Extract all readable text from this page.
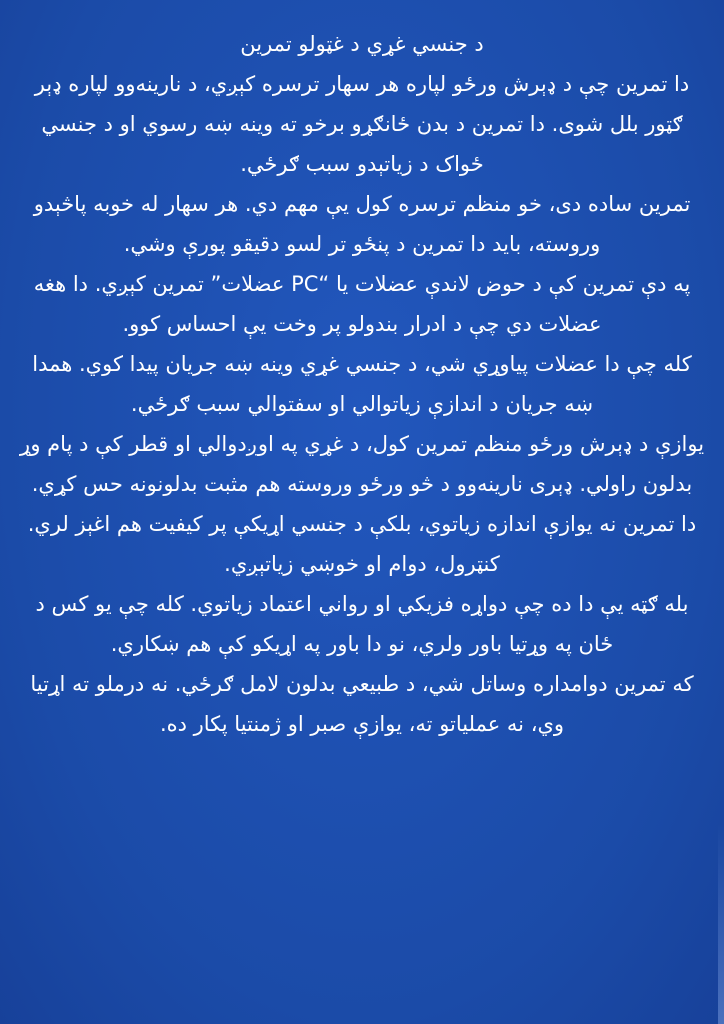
د جنسي غړي د غټولو تمرين

دا تمرين چې د ډېرش ورځو لپاره هر سهار ترسره کېږي، د نارينه‌وو لپاره ډېر ګټور بلل شوی. دا تمرين د بدن ځانګړو برخو ته وينه ښه رسوي او د جنسي ځواک د زياتېدو سبب ګرځي.

تمرين ساده دی، خو منظم ترسره کول يې مهم دي. هر سهار له خوبه پاڅېدو وروسته، بايد دا تمرين د پنځو تر لسو دقيقو پورې وشي.

په دې تمرين کې د حوض لاندې عضلات يا “PC عضلات” تمرين کېږي. دا هغه عضلات دي چې د ادرار بندولو پر وخت يې احساس کوو.

کله چې دا عضلات پياوړي شي، د جنسي غړي وينه ښه جريان پيدا کوي. همدا ښه جريان د اندازې زياتوالي او سفتوالي سبب ګرځي.

يوازې د ډېرش ورځو منظم تمرين کول، د غړي په اوږدوالي او قطر کې د پام وړ بدلون راولي. ډېرى نارينه‌وو د څو ورځو وروسته هم مثبت بدلونونه حس کړي.

دا تمرين نه يوازې اندازه زياتوي، بلکې د جنسي اړيکې پر کيفيت هم اغېز لري. کنټرول، دوام او خوښي زياتېږي.

بله ګټه يې دا ده چې دواړه فزيکي او رواني اعتماد زياتوي. کله چې يو کس د ځان په وړتيا باور ولري، نو دا باور په اړيکو کې هم ښکاري.

که تمرين دوامداره وساتل شي، د طبيعي بدلون لامل ګرځي. نه درملو ته اړتيا وي، نه عملياتو ته، يوازې صبر او ژمنتيا پکار ده.
